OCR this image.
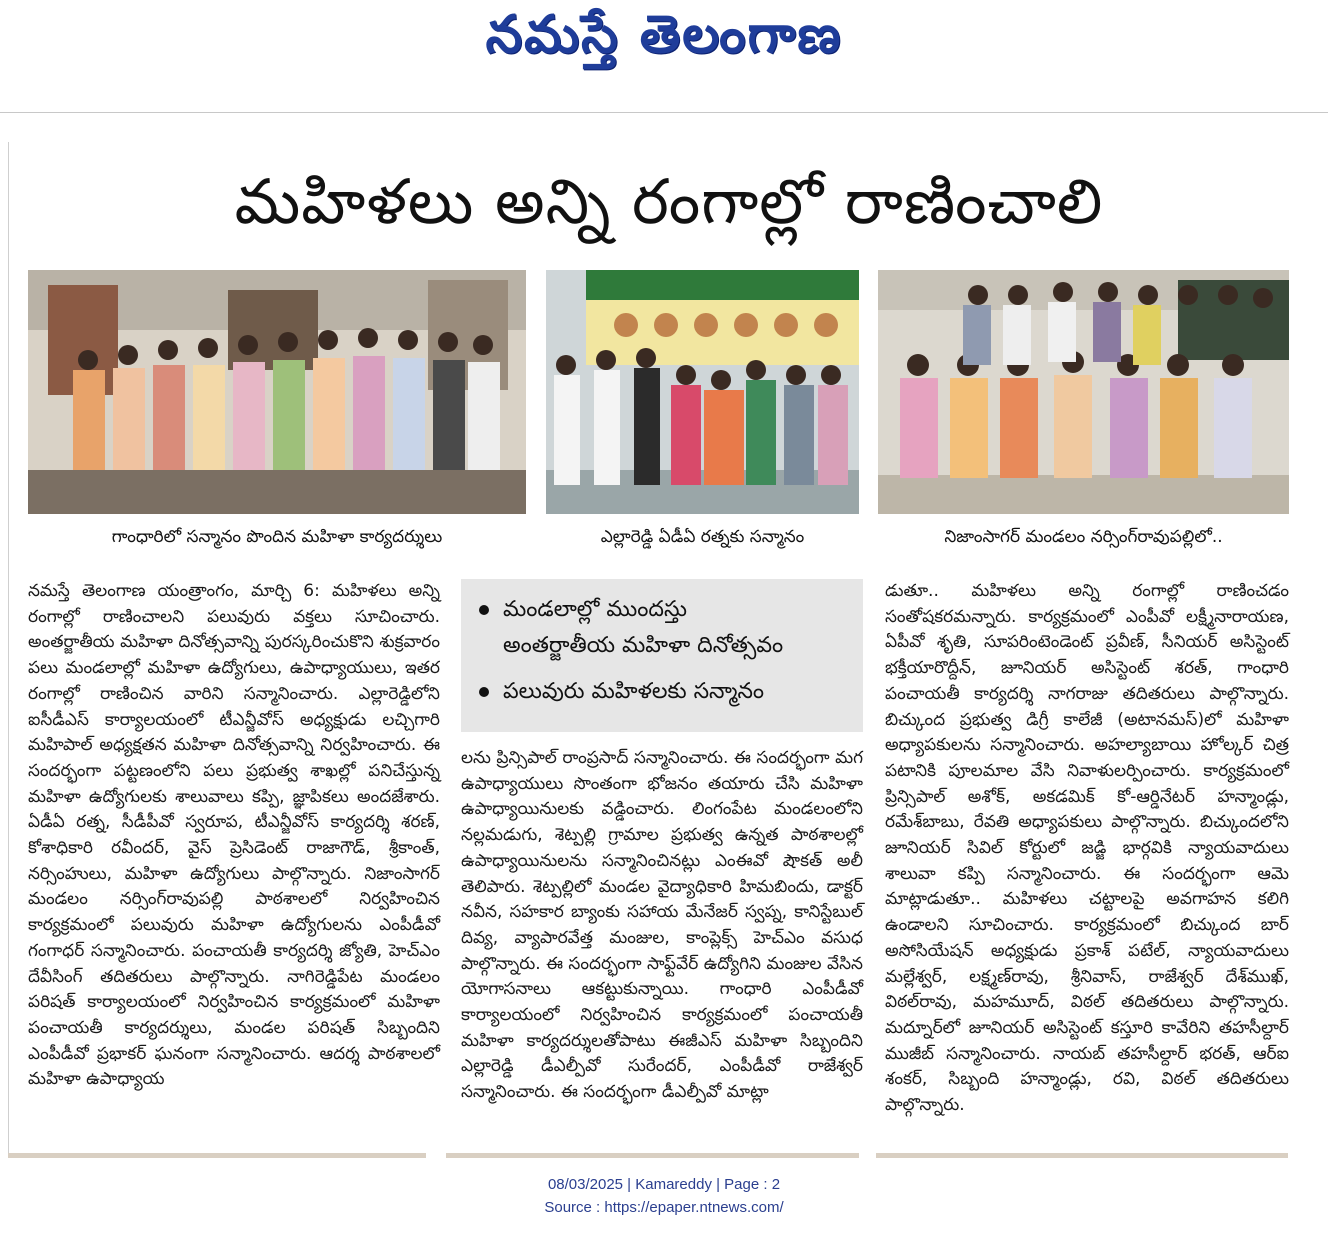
నమస్తే తెలంగాణ
మహిళలు అన్ని రంగాల్లో రాణించాలి
గాంధారిలో సన్మానం పొందిన మహిళా కార్యదర్శులు	ఎల్లారెడ్డి ఏడీఏ రత్నకు సన్మానం	నిజాంసాగర్ మండలం నర్సింగ్‌రావుపల్లిలో..
నమస్తే తెలంగాణ యంత్రాంగం, మార్చి 6: మహిళలు అన్ని రంగాల్లో రాణించాలని పలువురు వక్తలు సూచించారు. అంతర్జాతీయ మహిళా దినోత్సవాన్ని పురస్కరించుకొని శుక్రవారం పలు మండలాల్లో మహిళా ఉద్యోగులు, ఉపాధ్యాయులు, ఇతర రంగాల్లో రాణించిన వారిని సన్మానించారు. ఎల్లారెడ్డిలోని ఐసీడీఎస్ కార్యాలయంలో టీఎన్జీవోస్ అధ్యక్షుడు లచ్చిగారి మహిపాల్ అధ్యక్షతన మహిళా దినోత్సవాన్ని నిర్వహించారు. ఈ సందర్భంగా పట్టణంలోని పలు ప్రభుత్వ శాఖల్లో పనిచేస్తున్న మహిళా ఉద్యోగులకు శాలువాలు కప్పి, జ్ఞాపికలు అందజేశారు. ఏడీఏ రత్న, సీడీపీవో స్వరూప, టీఎన్జీవోస్ కార్యదర్శి శరణ్, కోశాధికారి రవీందర్, వైస్ ప్రెసిడెంట్ రాజాగౌడ్, శ్రీకాంత్, నర్సింహులు, మహిళా ఉద్యోగులు పాల్గొన్నారు. నిజాంసాగర్ మండలం నర్సింగ్‌రావుపల్లి పాఠశాలలో నిర్వహించిన కార్యక్రమంలో పలువురు మహిళా ఉద్యోగులను ఎంపీడీవో గంగాధర్ సన్మానించారు. పంచాయతీ కార్యదర్శి జ్యోతి, హెచ్ఎం దేవీసింగ్ తదితరులు పాల్గొన్నారు. నాగిరెడ్డిపేట మండలం పరిషత్ కార్యాలయంలో నిర్వహించిన కార్యక్రమంలో మహిళా పంచాయతీ కార్యదర్శులు, మండల పరిషత్ సిబ్బందిని ఎంపీడీవో ప్రభాకర్ ఘనంగా సన్మానించారు. ఆదర్శ పాఠశాలలో మహిళా ఉపాధ్యాయ
మండలాల్లో ముందస్తు
అంతర్జాతీయ మహిళా దినోత్సవం
పలువురు మహిళలకు సన్మానం
లను ప్రిన్సిపాల్ రాంప్రసాద్ సన్మానించారు. ఈ సందర్భంగా మగ ఉపాధ్యాయులు సొంతంగా భోజనం తయారు చేసి మహిళా ఉపాధ్యాయినులకు వడ్డించారు. లింగంపేట మండలంలోని నల్లమడుగు, శెట్పల్లి గ్రామాల ప్రభుత్వ ఉన్నత పాఠశాలల్లో ఉపాధ్యాయినులను సన్మానించినట్లు ఎంఈవో షౌకత్ అలీ తెలిపారు. శెట్పల్లిలో మండల వైద్యాధికారి హిమబిందు, డాక్టర్ నవీన, సహకార బ్యాంకు సహాయ మేనేజర్ స్వప్న, కానిస్టేబుల్ దివ్య, వ్యాపారవేత్త మంజుల, కాంప్లెక్స్ హెచ్ఎం వసుధ పాల్గొన్నారు. ఈ సందర్భంగా సాఫ్ట్‌వేర్ ఉద్యోగిని మంజుల వేసిన యోగాసనాలు ఆకట్టుకున్నాయి. గాంధారి ఎంపీడీవో కార్యాలయంలో నిర్వహించిన కార్యక్రమంలో పంచాయతీ మహిళా కార్యదర్శులతోపాటు ఈజీఎస్ మహిళా సిబ్బందిని ఎల్లారెడ్డి డీఎల్పీవో సురేందర్, ఎంపీడీవో రాజేశ్వర్ సన్మానించారు. ఈ సందర్భంగా డీఎల్పీవో మాట్లా
డుతూ.. మహిళలు అన్ని రంగాల్లో రాణించడం సంతోషకరమన్నారు. కార్యక్రమంలో ఎంపీవో లక్ష్మీనారాయణ, ఏపీవో శృతి, సూపరింటెండెంట్ ప్రవీణ్, సీనియర్ అసిస్టెంట్ భక్తీయారొద్దీన్, జూనియర్ అసిస్టెంట్ శరత్, గాంధారి పంచాయతీ కార్యదర్శి నాగరాజు తదితరులు పాల్గొన్నారు. బిచ్కుంద ప్రభుత్వ డిగ్రీ కాలేజీ (అటానమస్)లో మహిళా అధ్యాపకులను సన్మానించారు. అహల్యాబాయి హోల్కర్ చిత్ర పటానికి పూలమాల వేసి నివాళులర్పించారు. కార్యక్రమంలో ప్రిన్సిపాల్ అశోక్, అకడమిక్ కో-ఆర్డినేటర్ హన్మాండ్లు, రమేశ్‌బాబు, రేవతి అధ్యాపకులు పాల్గొన్నారు. బిచ్కుందలోని జూనియర్ సివిల్ కోర్టులో జడ్జి భార్గవికి న్యాయవాదులు శాలువా కప్పి సన్మానించారు. ఈ సందర్భంగా ఆమె మాట్లాడుతూ.. మహిళలు చట్టాలపై అవగాహన కలిగి ఉండాలని సూచించారు. కార్యక్రమంలో బిచ్కుంద బార్ అసోసియేషన్ అధ్యక్షుడు ప్రకాశ్ పటేల్, న్యాయవాదులు మల్లేశ్వర్, లక్ష్మణ్‌రావు, శ్రీనివాస్, రాజేశ్వర్ దేశ్‌ముఖ్, విఠల్‌రావు, మహమూద్, విఠల్ తదితరులు పాల్గొన్నారు. మద్నూర్‌లో జూనియర్ అసిస్టెంట్ కస్తూరి కావేరిని తహసీల్దార్ ముజీబ్ సన్మానించారు. నాయబ్ తహసీల్దార్ భరత్, ఆర్ఐ శంకర్, సిబ్బంది హన్మాండ్లు, రవి, విఠల్ తదితరులు పాల్గొన్నారు.
08/03/2025 | Kamareddy | Page : 2
Source : https://epaper.ntnews.com/
